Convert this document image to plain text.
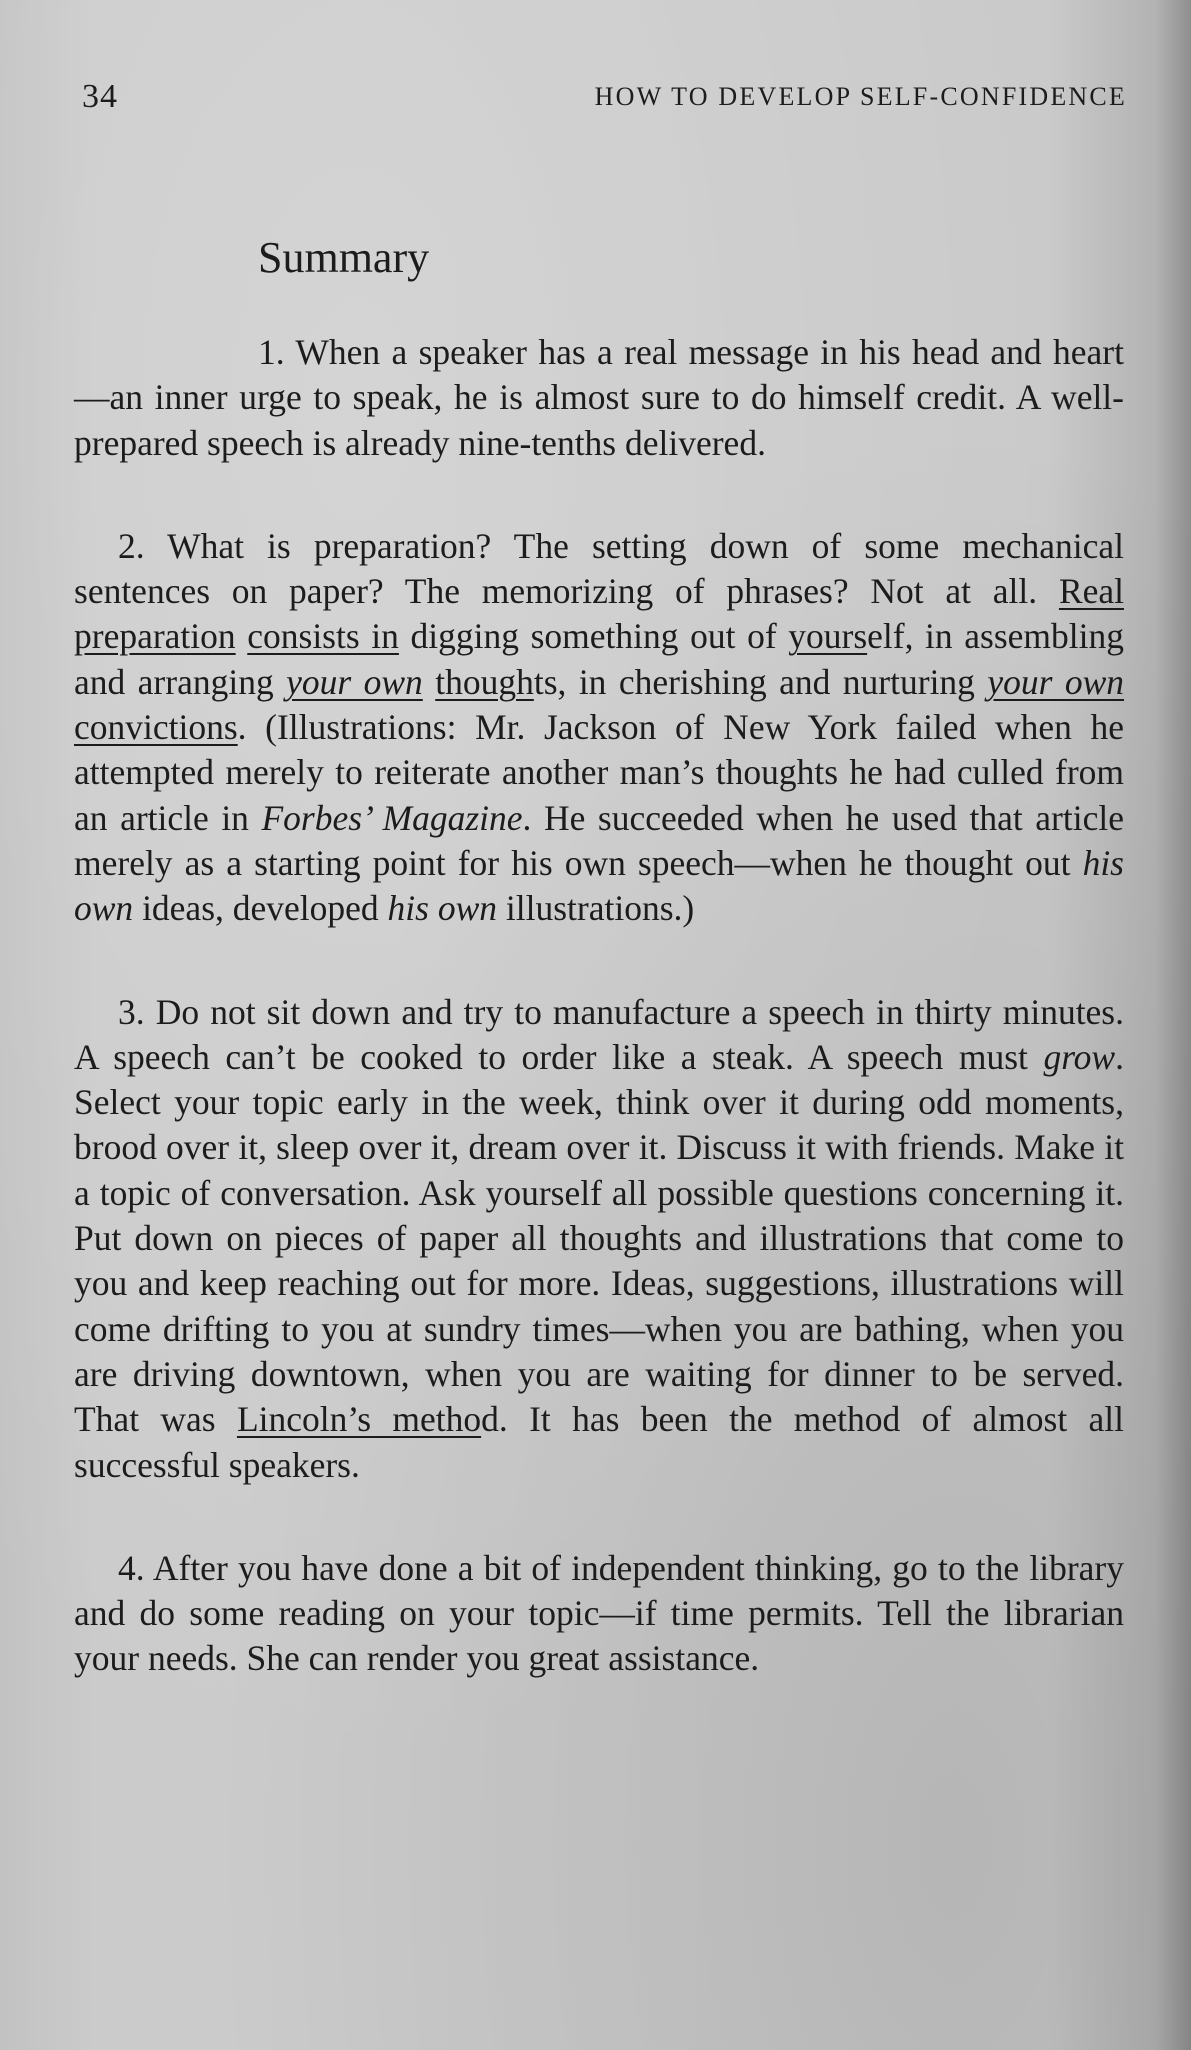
34	HOW TO DEVELOP SELF-CONFIDENCE
Summary

1. When a speaker has a real message in his head and heart—an inner urge to speak, he is almost sure to do himself credit. A well-prepared speech is already nine-tenths delivered.

2. What is preparation? The setting down of some mechanical sentences on paper? The memorizing of phrases? Not at all. Real preparation consists in digging something out of yourself, in assembling and arranging your own thoughts, in cherishing and nurturing your own convictions. (Illustrations: Mr. Jackson of New York failed when he attempted merely to reiterate another man’s thoughts he had culled from an article in Forbes’ Magazine. He succeeded when he used that article merely as a starting point for his own speech—when he thought out his own ideas, developed his own illustrations.)

3. Do not sit down and try to manufacture a speech in thirty minutes. A speech can’t be cooked to order like a steak. A speech must grow. Select your topic early in the week, think over it during odd moments, brood over it, sleep over it, dream over it. Discuss it with friends. Make it a topic of conversation. Ask yourself all possible questions concerning it. Put down on pieces of paper all thoughts and illustrations that come to you and keep reaching out for more. Ideas, suggestions, illustrations will come drifting to you at sundry times—when you are bathing, when you are driving downtown, when you are waiting for dinner to be served. That was Lincoln’s method. It has been the method of almost all successful speakers.

4. After you have done a bit of independent thinking, go to the library and do some reading on your topic—if time permits. Tell the librarian your needs. She can render you great assistance.
